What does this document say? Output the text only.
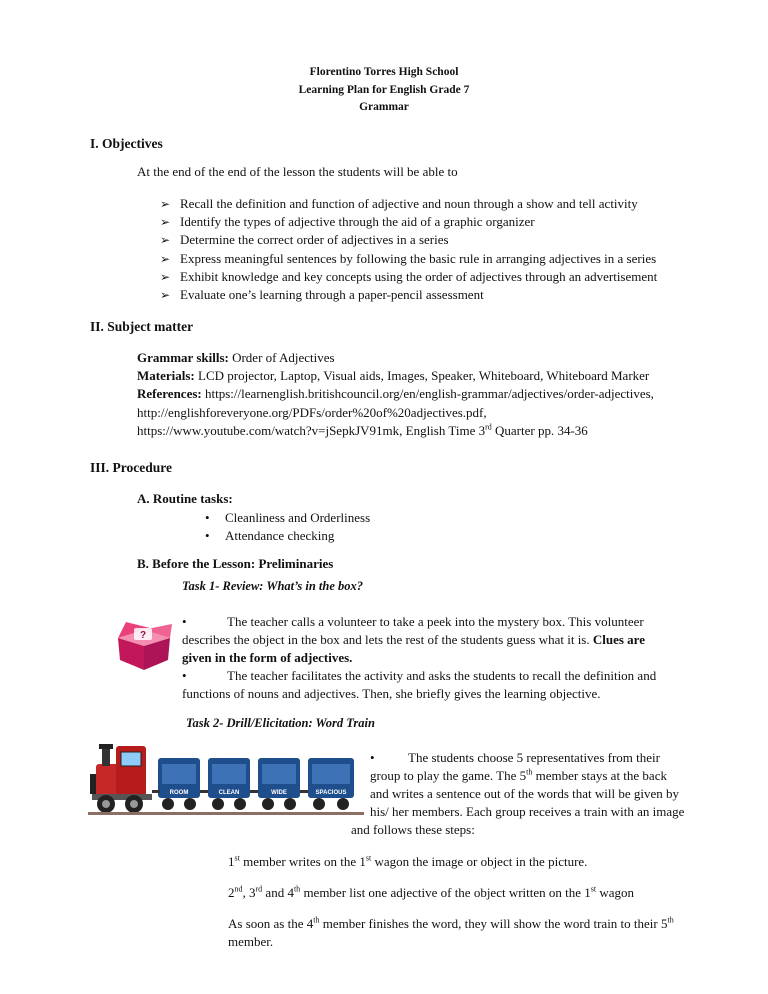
Florentino Torres High School
Learning Plan for English Grade 7
Grammar
I. Objectives
At the end of the end of the lesson the students will be able to
➢ Recall the definition and function of adjective and noun through a show and tell activity
➢ Identify the types of adjective through the aid of a graphic organizer
➢ Determine the correct order of adjectives in a series
➢ Express meaningful sentences by following the basic rule in arranging adjectives in a series
➢ Exhibit knowledge and key concepts using the order of adjectives through an advertisement
➢ Evaluate one’s learning through a paper-pencil assessment
II. Subject matter
Grammar skills: Order of Adjectives
Materials: LCD projector, Laptop, Visual aids, Images, Speaker, Whiteboard, Whiteboard Marker
References: https://learnenglish.britishcouncil.org/en/english-grammar/adjectives/order-adjectives,
http://englishforeveryone.org/PDFs/order%20of%20adjectives.pdf,
https://www.youtube.com/watch?v=jSepkJV91mk, English Time 3rd Quarter pp. 34-36
III. Procedure
A. Routine tasks:
• Cleanliness and Orderliness
• Attendance checking
B. Before the Lesson: Preliminaries
Task 1- Review: What’s in the box?
?
•	The teacher calls a volunteer to take a peek into the mystery box. This volunteer
describes the object in the box and lets the rest of the students guess what it is. Clues are
given in the form of adjectives.
•	The teacher facilitates the activity and asks the students to recall the definition and
functions of nouns and adjectives. Then, she briefly gives the learning objective.
Task 2- Drill/Elicitation: Word Train
ROOM	CLEAN	WIDE	SPACIOUS
•	The students choose 5 representatives from their
group to play the game. The 5th member stays at the back
and writes a sentence out of the words that will be given by
his/ her members. Each group receives a train with an image
and follows these steps:
1st member writes on the 1st wagon the image or object in the picture.
2nd, 3rd and 4th member list one adjective of the object written on the 1st wagon
As soon as the 4th member finishes the word, they will show the word train to their 5th member.
